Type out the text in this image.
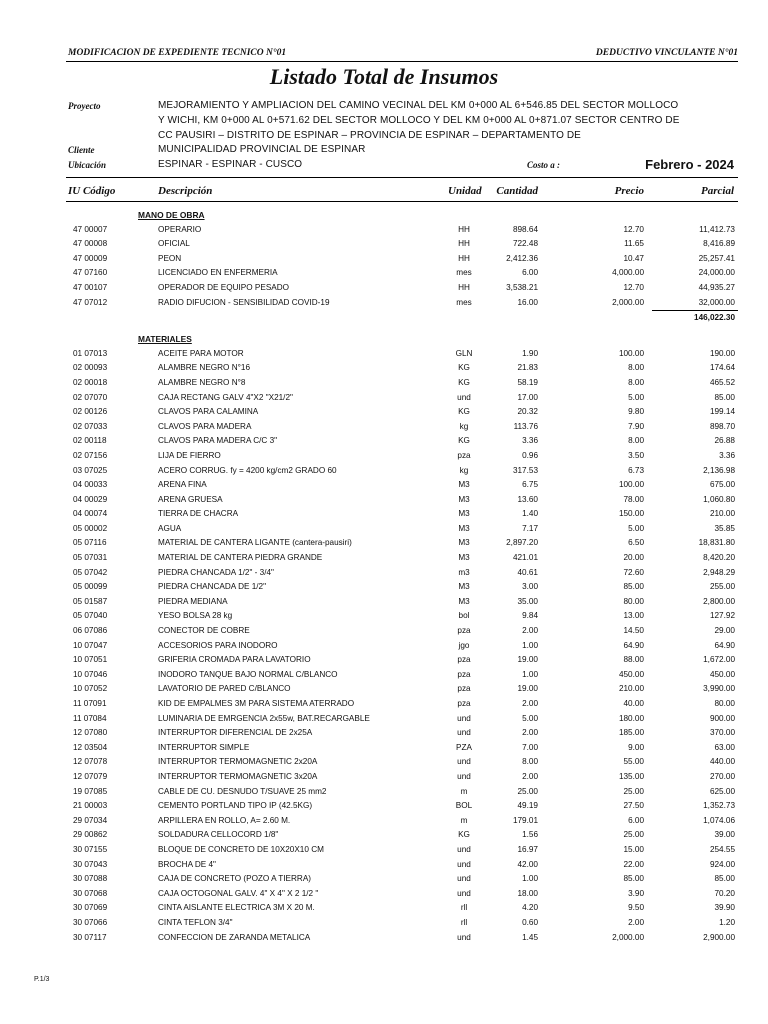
MODIFICACION DE EXPEDIENTE TECNICO N°01	DEDUCTIVO VINCULANTE N°01
Listado Total de Insumos
Proyecto	MEJORAMIENTO Y AMPLIACION DEL CAMINO VECINAL DEL KM 0+000 AL 6+546.85 DEL SECTOR MOLLOCO
Y WICHI, KM 0+000 AL 0+571.62 DEL SECTOR MOLLOCO Y DEL KM 0+000 AL 0+871.07 SECTOR CENTRO DE
CC PAUSIRI – DISTRITO DE ESPINAR – PROVINCIA DE ESPINAR – DEPARTAMENTO DE
Cliente	MUNICIPALIDAD PROVINCIAL DE ESPINAR
Ubicación	ESPINAR - ESPINAR - CUSCO	Costo a :	Febrero - 2024
IU Código	Descripción	Unidad Cantidad	Precio	Parcial
MANO DE OBRA
47 00007	OPERARIO	HH	898.64	12.70	11,412.73
47 00008	OFICIAL	HH	722.48	11.65	8,416.89
47 00009	PEON	HH	2,412.36	10.47	25,257.41
47 07160	LICENCIADO EN ENFERMERIA	mes	6.00	4,000.00	24,000.00
47 00107	OPERADOR DE EQUIPO PESADO	HH	3,538.21	12.70	44,935.27
47 07012	RADIO DIFUCION - SENSIBILIDAD COVID-19	mes	16.00	2,000.00	32,000.00
146,022.30
MATERIALES
01 07013	ACEITE PARA MOTOR	GLN	1.90	100.00	190.00
02 00093	ALAMBRE NEGRO N°16	KG	21.83	8.00	174.64
02 00018	ALAMBRE NEGRO N°8	KG	58.19	8.00	465.52
02 07070	CAJA RECTANG GALV 4"X2 "X21/2"	und	17.00	5.00	85.00
02 00126	CLAVOS PARA CALAMINA	KG	20.32	9.80	199.14
02 07033	CLAVOS PARA MADERA	kg	113.76	7.90	898.70
02 00118	CLAVOS PARA MADERA C/C 3"	KG	3.36	8.00	26.88
02 07156	LIJA DE FIERRO	pza	0.96	3.50	3.36
03 07025	ACERO CORRUG. fy = 4200 kg/cm2 GRADO 60	kg	317.53	6.73	2,136.98
04 00033	ARENA FINA	M3	6.75	100.00	675.00
04 00029	ARENA GRUESA	M3	13.60	78.00	1,060.80
04 00074	TIERRA DE CHACRA	M3	1.40	150.00	210.00
05 00002	AGUA	M3	7.17	5.00	35.85
05 07116	MATERIAL DE CANTERA LIGANTE (cantera-pausiri)	M3	2,897.20	6.50	18,831.80
05 07031	MATERIAL DE CANTERA PIEDRA GRANDE	M3	421.01	20.00	8,420.20
05 07042	PIEDRA CHANCADA 1/2" - 3/4"	m3	40.61	72.60	2,948.29
05 00099	PIEDRA CHANCADA DE 1/2"	M3	3.00	85.00	255.00
05 01587	PIEDRA MEDIANA	M3	35.00	80.00	2,800.00
05 07040	YESO BOLSA 28 kg	bol	9.84	13.00	127.92
06 07086	CONECTOR DE COBRE	pza	2.00	14.50	29.00
10 07047	ACCESORIOS PARA INODORO	jgo	1.00	64.90	64.90
10 07051	GRIFERIA CROMADA PARA LAVATORIO	pza	19.00	88.00	1,672.00
10 07046	INODORO TANQUE BAJO NORMAL C/BLANCO	pza	1.00	450.00	450.00
10 07052	LAVATORIO DE PARED C/BLANCO	pza	19.00	210.00	3,990.00
11 07091	KID DE EMPALMES 3M PARA SISTEMA ATERRADO	pza	2.00	40.00	80.00
11 07084	LUMINARIA DE EMRGENCIA 2x55w, BAT.RECARGABLE	und	5.00	180.00	900.00
12 07080	INTERRUPTOR DIFERENCIAL DE 2x25A	und	2.00	185.00	370.00
12 03504	INTERRUPTOR SIMPLE	PZA	7.00	9.00	63.00
12 07078	INTERRUPTOR TERMOMAGNETIC 2x20A	und	8.00	55.00	440.00
12 07079	INTERRUPTOR TERMOMAGNETIC 3x20A	und	2.00	135.00	270.00
19 07085	CABLE DE CU. DESNUDO T/SUAVE 25 mm2	m	25.00	25.00	625.00
21 00003	CEMENTO PORTLAND TIPO IP (42.5KG)	BOL	49.19	27.50	1,352.73
29 07034	ARPILLERA EN ROLLO, A= 2.60 M.	m	179.01	6.00	1,074.06
29 00862	SOLDADURA CELLOCORD 1/8"	KG	1.56	25.00	39.00
30 07155	BLOQUE DE CONCRETO DE 10X20X10 CM	und	16.97	15.00	254.55
30 07043	BROCHA DE 4"	und	42.00	22.00	924.00
30 07088	CAJA DE CONCRETO (POZO A TIERRA)	und	1.00	85.00	85.00
30 07068	CAJA OCTOGONAL GALV. 4" X 4" X 2 1/2 "	und	18.00	3.90	70.20
30 07069	CINTA AISLANTE ELECTRICA 3M X 20 M.	rll	4.20	9.50	39.90
30 07066	CINTA TEFLON 3/4"	rll	0.60	2.00	1.20
30 07117	CONFECCION DE ZARANDA METALICA	und	1.45	2,000.00	2,900.00
P.1/3
